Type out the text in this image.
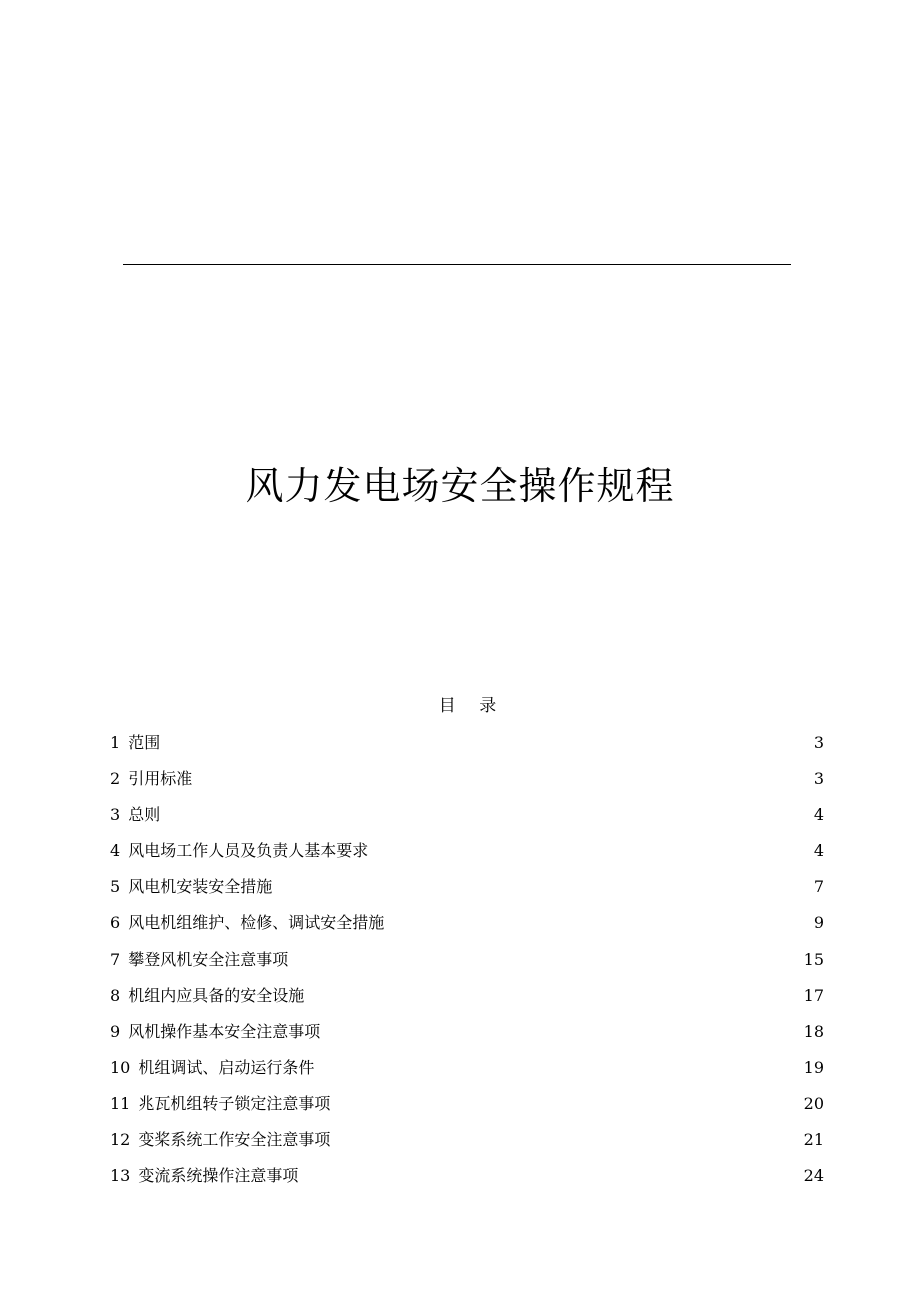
风力发电场安全操作规程
目 录
1 范围	3
2 引用标准	3
3 总则	4
4 风电场工作人员及负责人基本要求	4
5 风电机安装安全措施	7
6 风电机组维护、检修、调试安全措施	9
7 攀登风机安全注意事项	15
8 机组内应具备的安全设施	17
9 风机操作基本安全注意事项	18
10 机组调试、启动运行条件	19
11 兆瓦机组转子锁定注意事项	20
12 变桨系统工作安全注意事项	21
13 变流系统操作注意事项	24
